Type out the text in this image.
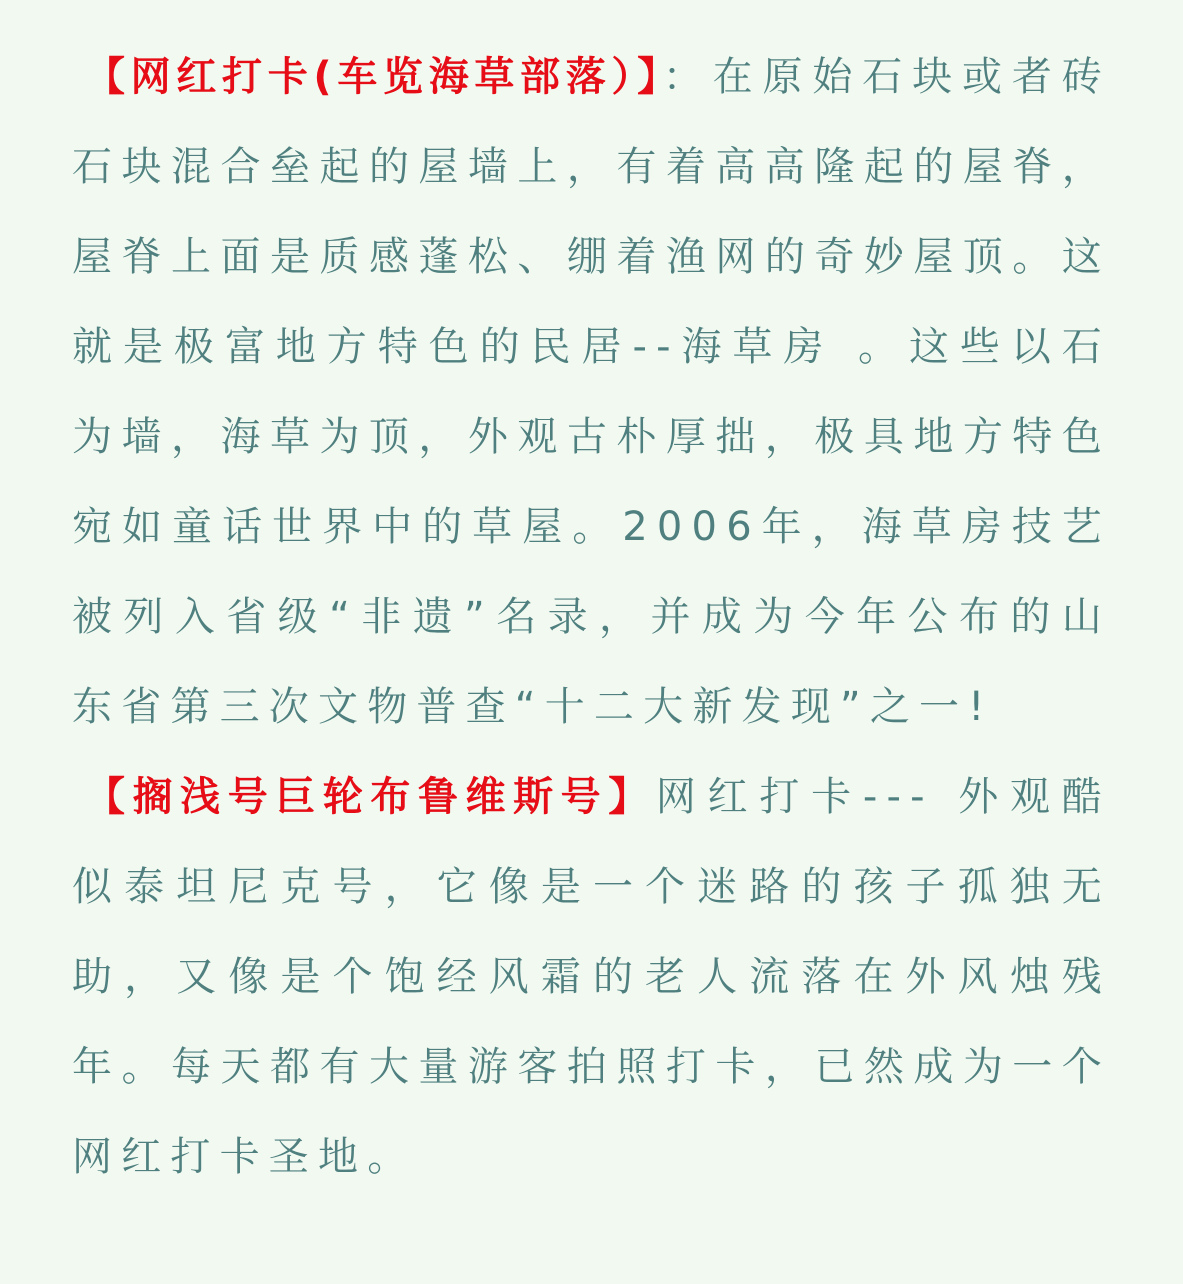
【网红打卡(车览海草部落）】：在原始石块或者砖石块混合垒起的屋墙上，有着高高隆起的屋脊，屋脊上面是质感蓬松、绷着渔网的奇妙屋顶。这就是极富地方特色的民居--海草房 。这些以石为墙，海草为顶，外观古朴厚拙，极具地方特色宛如童话世界中的草屋。2006年，海草房技艺被列入省级“非遗”名录，并成为今年公布的山东省第三次文物普查“十二大新发现”之一!

【搁浅号巨轮布鲁维斯号】网红打卡--- 外观酷似泰坦尼克号，它像是一个迷路的孩子孤独无助，又像是个饱经风霜的老人流落在外风烛残年。每天都有大量游客拍照打卡，已然成为一个网红打卡圣地。
